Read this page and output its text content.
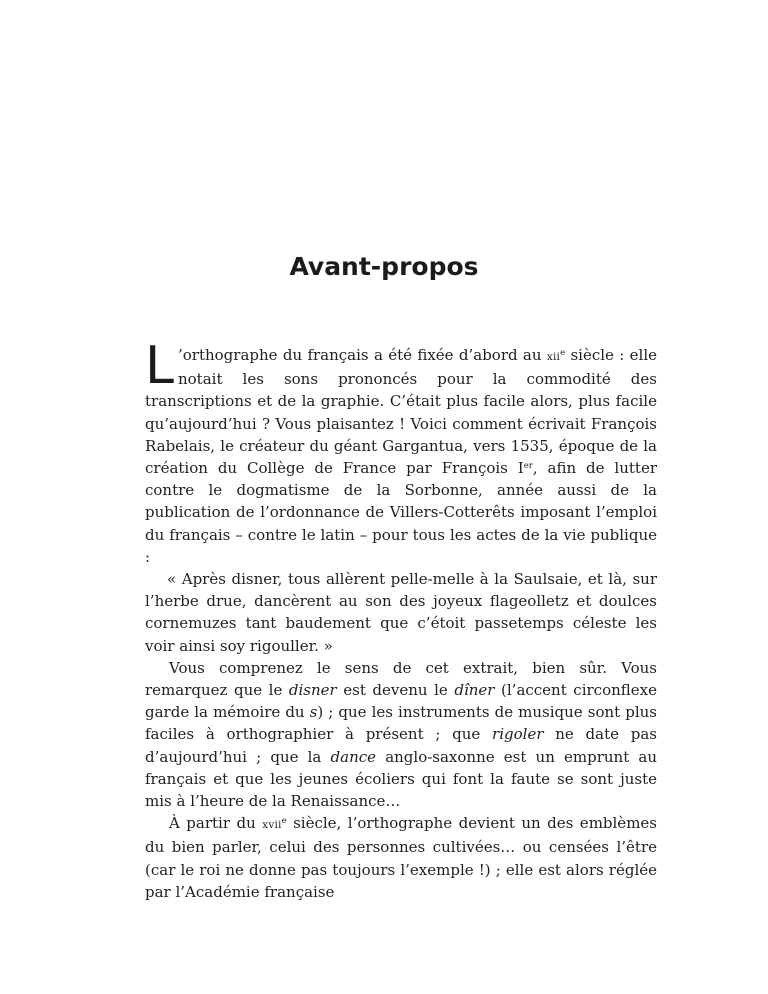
Avant-propos

L ’orthographe du français a été fixée d’abord au xii$^e$ siècle : elle notait les sons prononcés pour la commodité des transcriptions et de la graphie. C’était plus facile alors, plus facile qu’aujourd’hui ? Vous plaisantez ! Voici comment écrivait François Rabelais, le créateur du géant Gargantua, vers 1535, époque de la création du Collège de France par François Ier, afin de lutter contre le dogmatisme de la Sorbonne, année aussi de la publication de l’ordonnance de Villers-Cotterêts imposant l’emploi du français – contre le latin – pour tous les actes de la vie publique :

« Après disner, tous allèrent pelle-melle à la Saulsaie, et là, sur l’herbe drue, dancèrent au son des joyeux flageolletz et doulces cornemuzes tant baudement que c’étoit passetemps céleste les voir ainsi soy rigouller. »

Vous comprenez le sens de cet extrait, bien sûr. Vous remarquez que le disner est devenu le dîner (l’accent circonflexe garde la mémoire du s) ; que les instruments de musique sont plus faciles à orthographier à présent ; que rigoler ne date pas d’aujourd’hui ; que la dance anglo-saxonne est un emprunt au français et que les jeunes écoliers qui font la faute se sont juste mis à l’heure de la Renaissance…

À partir du xvii$^e$ siècle, l’orthographe devient un des emblèmes du bien parler, celui des personnes cultivées… ou censées l’être (car le roi ne donne pas toujours l’exemple !) ; elle est alors réglée par l’Académie française
